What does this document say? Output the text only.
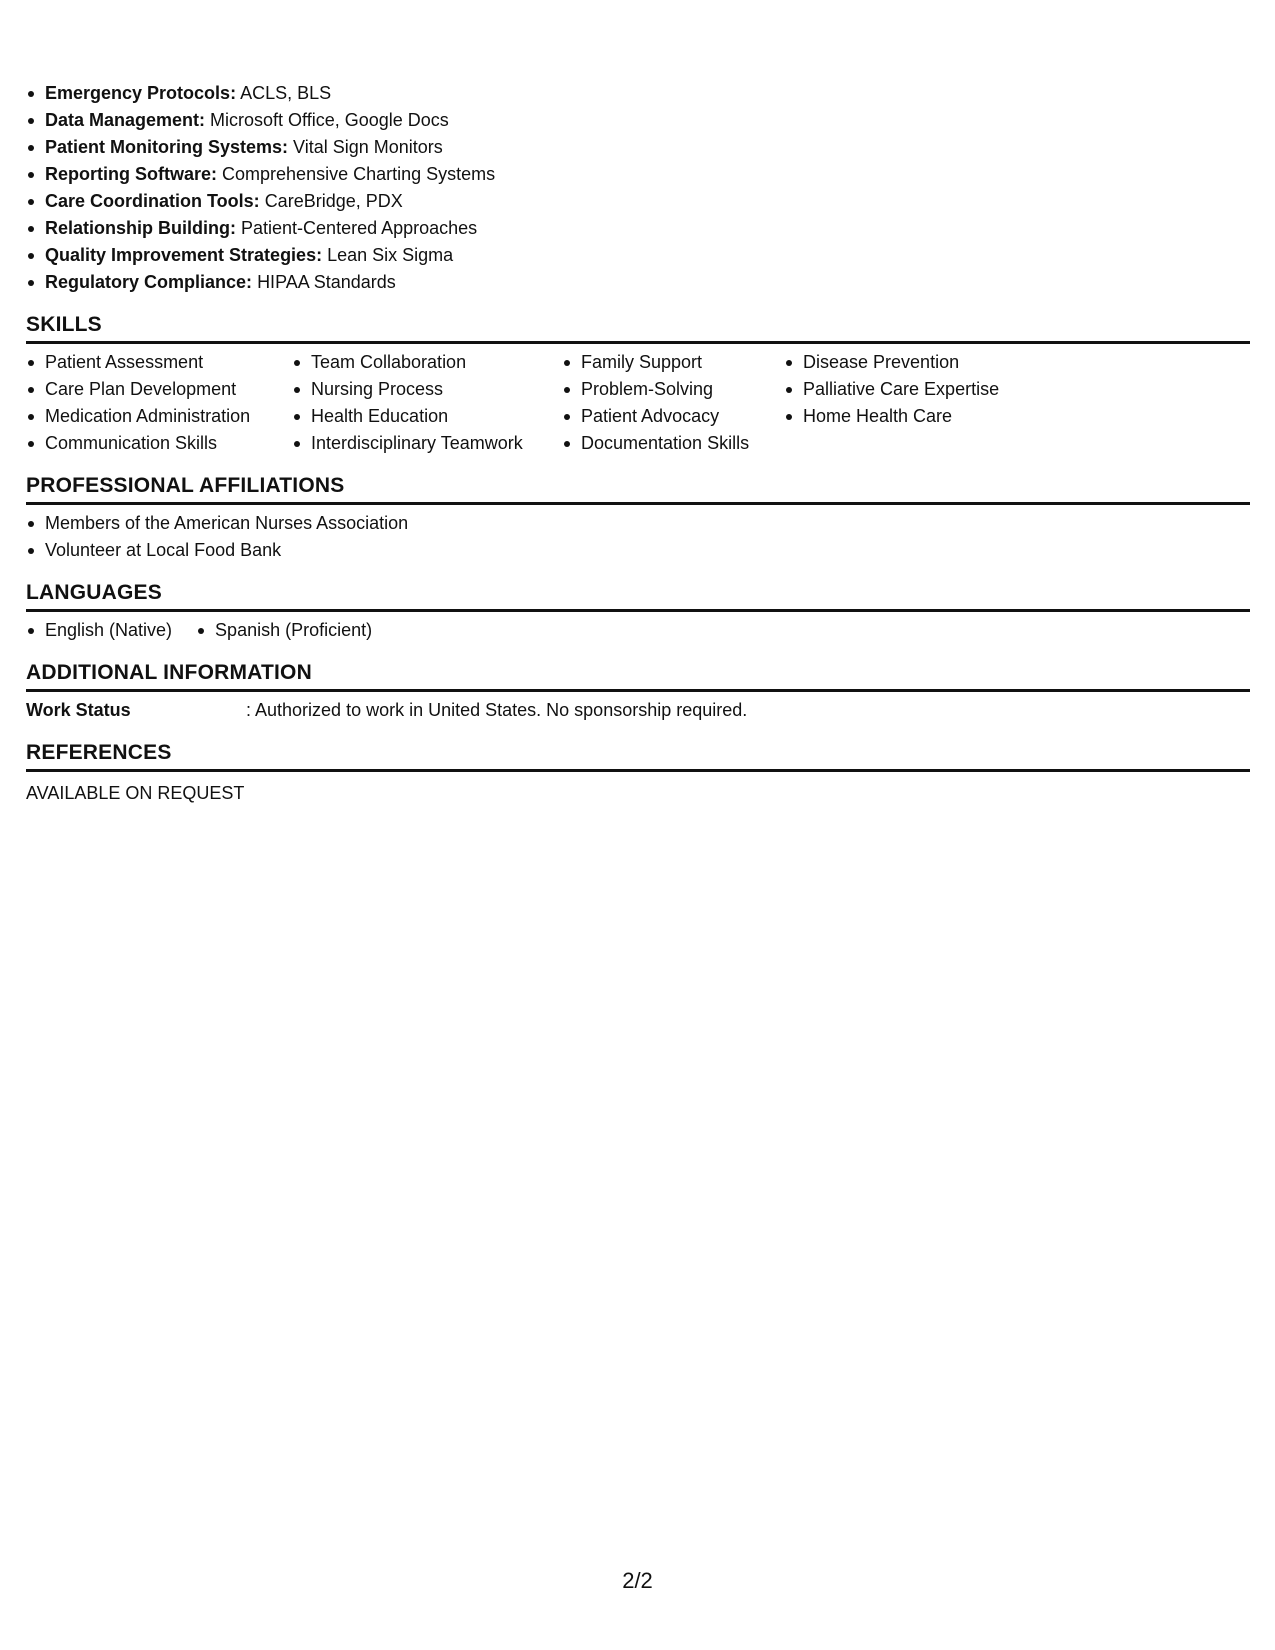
Emergency Protocols: ACLS, BLS
Data Management: Microsoft Office, Google Docs
Patient Monitoring Systems: Vital Sign Monitors
Reporting Software: Comprehensive Charting Systems
Care Coordination Tools: CareBridge, PDX
Relationship Building: Patient-Centered Approaches
Quality Improvement Strategies: Lean Six Sigma
Regulatory Compliance: HIPAA Standards
SKILLS
Patient Assessment
Care Plan Development
Medication Administration
Communication Skills
Team Collaboration
Nursing Process
Health Education
Interdisciplinary Teamwork
Family Support
Problem-Solving
Patient Advocacy
Documentation Skills
Disease Prevention
Palliative Care Expertise
Home Health Care
PROFESSIONAL AFFILIATIONS
Members of the American Nurses Association
Volunteer at Local Food Bank
LANGUAGES
English (Native)	Spanish (Proficient)
ADDITIONAL INFORMATION
Work Status	: Authorized to work in United States. No sponsorship required.
REFERENCES
AVAILABLE ON REQUEST
2/2
